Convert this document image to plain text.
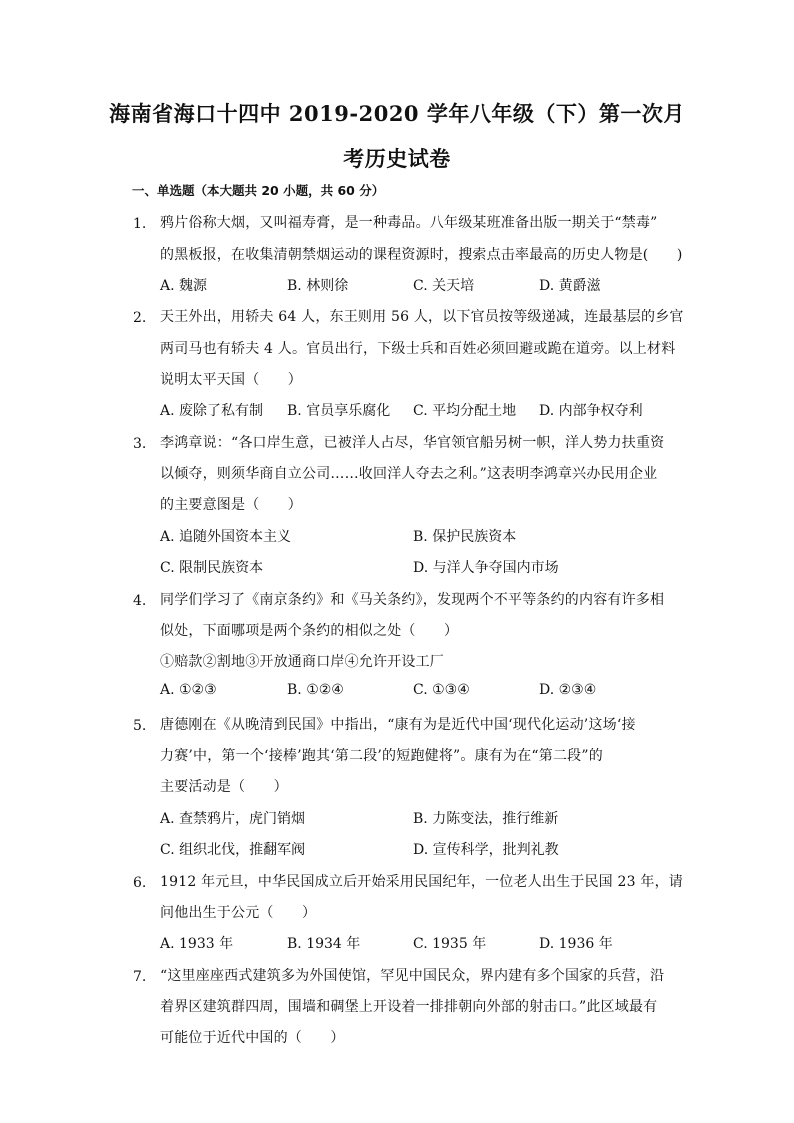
海南省海口十四中 2019-2020 学年八年级（下）第一次月
考历史试卷
一、单选题（本大题共 20 小题，共 60 分）
1. 鸦片俗称大烟，又叫福寿膏，是一种毒品。八年级某班准备出版一期关于“禁毒”
的黑板报，在收集清朝禁烟运动的课程资源时，搜索点击率最高的历史人物是(　　)
A. 魏源	B. 林则徐	C. 关天培	D. 黄爵滋
2. 天王外出，用轿夫 64 人，东王则用 56 人，以下官员按等级递减，连最基层的乡官
两司马也有轿夫 4 人。官员出行，下级士兵和百姓必须回避或跪在道旁。以上材料
说明太平天国（　　）
A. 废除了私有制 B. 官员享乐腐化 C. 平均分配土地 D. 内部争权夺利
3. 李鸿章说：“各口岸生意，已被洋人占尽，华官领官船另树一帜，洋人势力扶重资
以倾夺，则须华商自立公司……收回洋人夺去之利。”这表明李鸿章兴办民用企业
的主要意图是（　　）
A. 追随外国资本主义	B. 保护民族资本
C. 限制民族资本	D. 与洋人争夺国内市场
4. 同学们学习了《南京条约》和《马关条约》，发现两个不平等条约的内容有许多相
似处，下面哪项是两个条约的相似之处（　　）
①赔款②割地③开放通商口岸④允许开设工厂
A. ①②③	B. ①②④	C. ①③④	D. ②③④
5. 唐德刚在《从晚清到民国》中指出，“康有为是近代中国‘现代化运动’这场‘接
力赛’中，第一个‘接棒’跑其‘第二段’的短跑健将”。康有为在“第二段”的
主要活动是（　　）
A. 查禁鸦片，虎门销烟	B. 力陈变法，推行维新
C. 组织北伐，推翻军阀	D. 宣传科学，批判礼教
6. 1912 年元旦，中华民国成立后开始采用民国纪年，一位老人出生于民国 23 年，请
问他出生于公元（　　）
A. 1933 年	B. 1934 年	C. 1935 年	D. 1936 年
7. “这里座座西式建筑多为外国使馆，罕见中国民众，界内建有多个国家的兵营，沿
着界区建筑群四周，围墙和碉堡上开设着一排排朝向外部的射击口。”此区域最有
可能位于近代中国的（　　）
